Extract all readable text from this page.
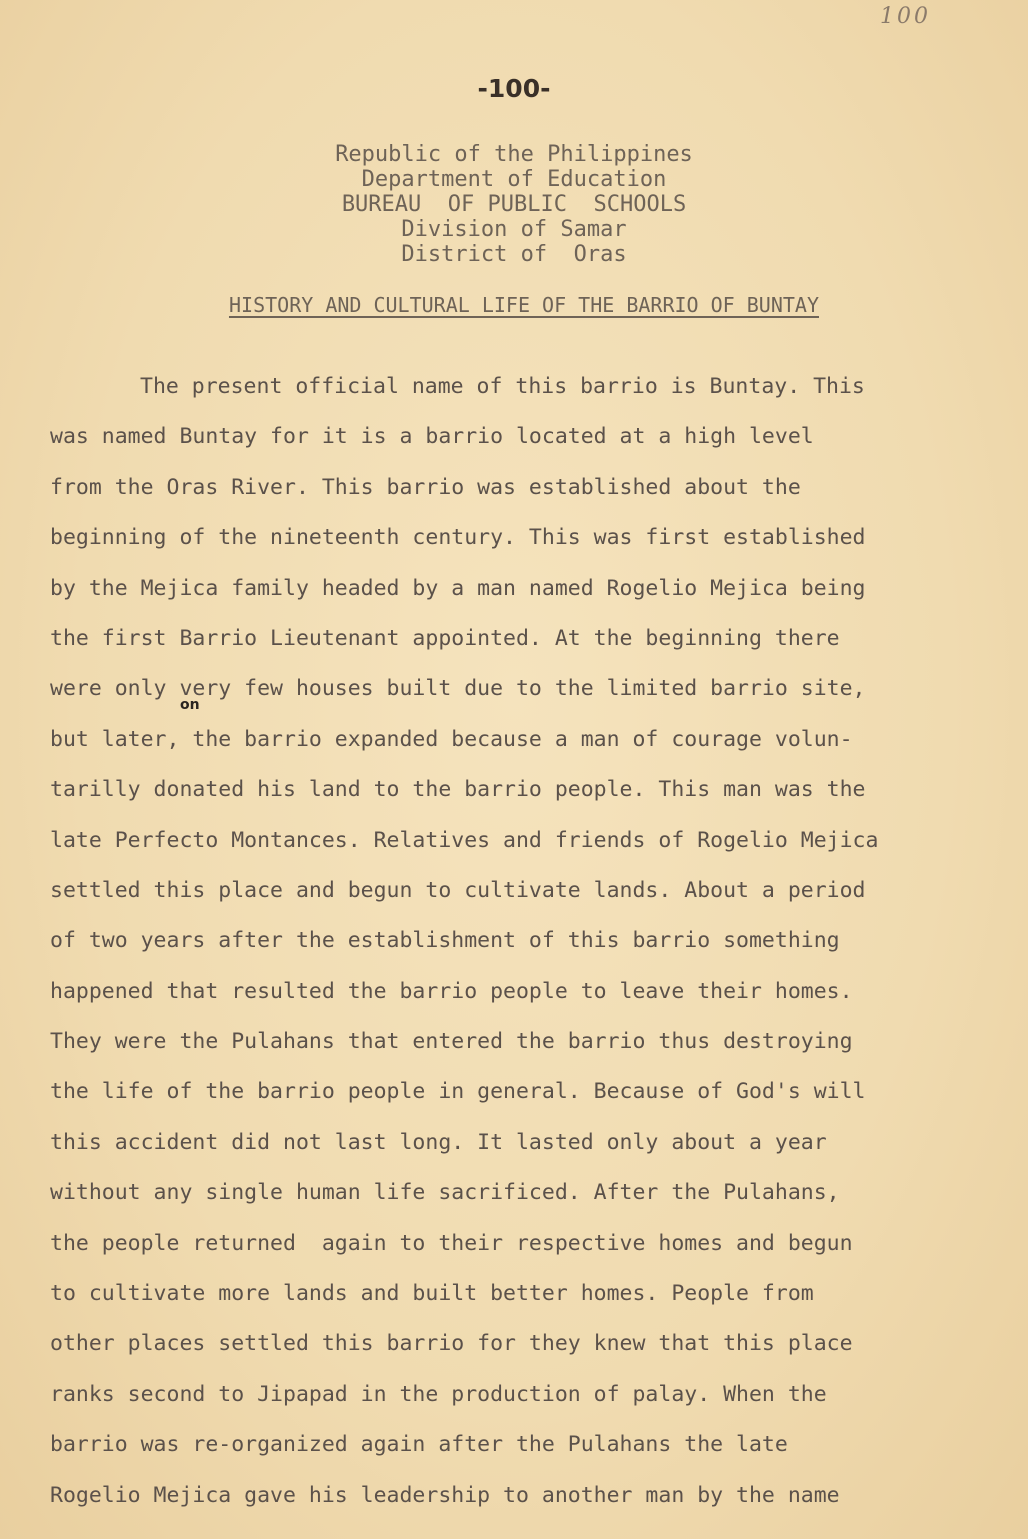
100
-100-
Republic of the Philippines
Department of Education
BUREAU  OF PUBLIC  SCHOOLS
Division of Samar
District of  Oras
HISTORY AND CULTURAL LIFE OF THE BARRIO OF BUNTAY
on
The present official name of this barrio is Buntay. This
was named Buntay for it is a barrio located at a high level
from the Oras River. This barrio was established about the
beginning of the nineteenth century. This was first established
by the Mejica family headed by a man named Rogelio Mejica being
the first Barrio Lieutenant appointed. At the beginning there
were only very few houses built due to the limited barrio site,
but later, the barrio expanded because a man of courage volun-
tarilly donated his land to the barrio people. This man was the
late Perfecto Montances. Relatives and friends of Rogelio Mejica
settled this place and begun to cultivate lands. About a period
of two years after the establishment of this barrio something
happened that resulted the barrio people to leave their homes.
They were the Pulahans that entered the barrio thus destroying
the life of the barrio people in general. Because of God's will
this accident did not last long. It lasted only about a year
without any single human life sacrificed. After the Pulahans,
the people returned  again to their respective homes and begun
to cultivate more lands and built better homes. People from
other places settled this barrio for they knew that this place
ranks second to Jipapad in the production of palay. When the
barrio was re-organized again after the Pulahans the late
Rogelio Mejica gave his leadership to another man by the name
